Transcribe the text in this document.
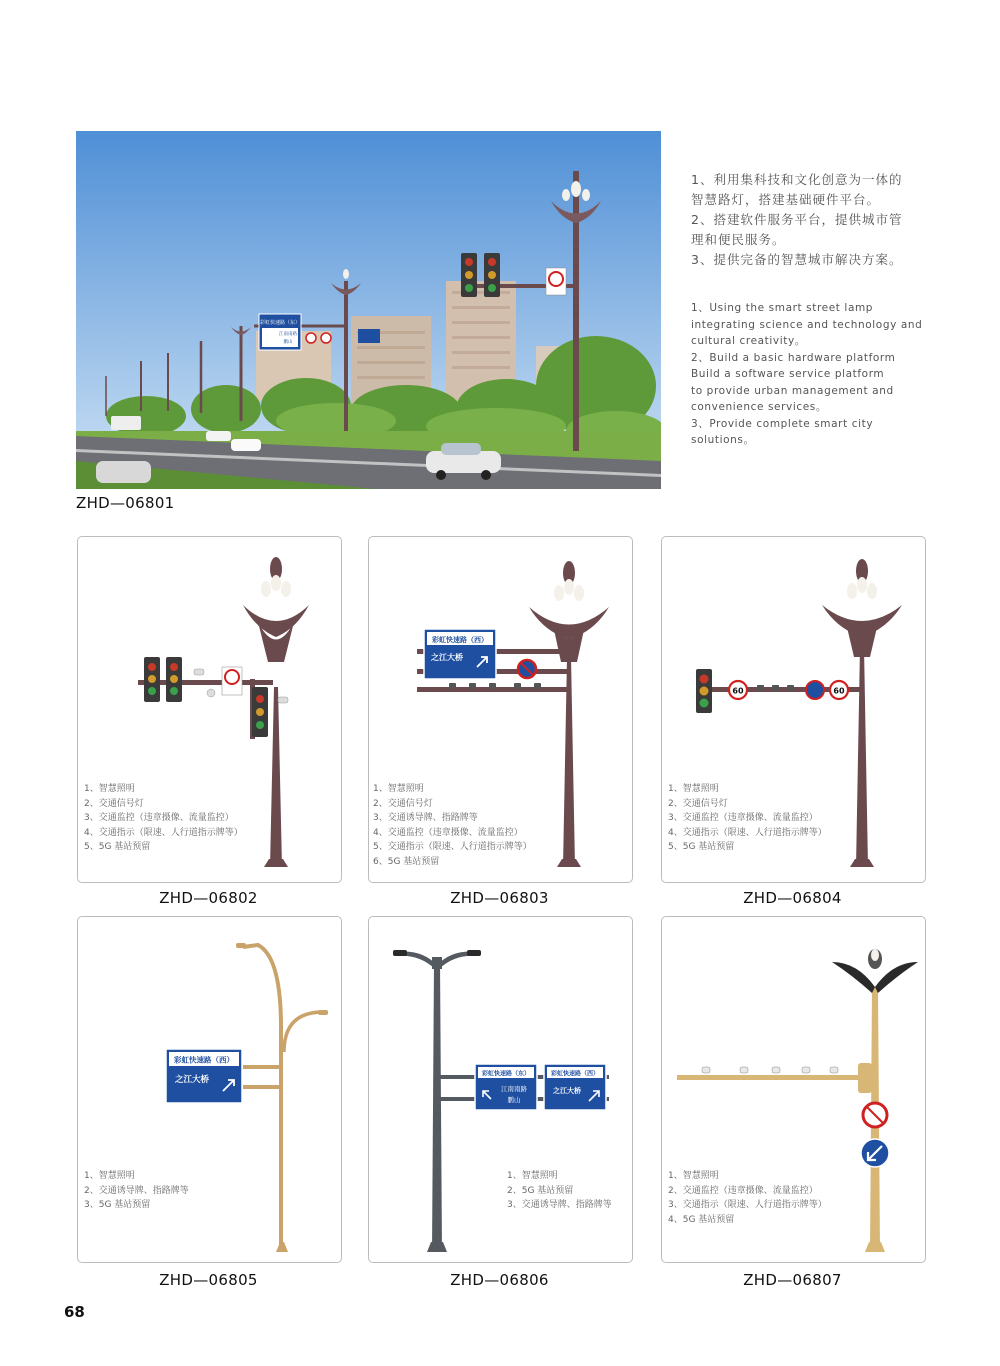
彩虹快速路（东）
江南南路
鹏山
ZHD—06801

1、利用集科技和文化创意为一体的

智慧路灯，搭建基础硬件平台。

2、搭建软件服务平台，提供城市管

理和便民服务。

3、提供完备的智慧城市解决方案。

1、Using the smart street lamp

integrating science and technology and

cultural creativity。

2、Build a basic hardware platform

Build a software service platform

to provide urban management and

convenience services。

3、Provide complete smart city

solutions。

1、智慧照明
2、交通信号灯
3、交通监控（违章摄像、流量监控）
4、交通指示（限速、人行道指示牌等）
5、5G 基站预留
ZHD—06802
彩虹快速路（西）
之江大桥
1、智慧照明
2、交通信号灯
3、交通诱导牌、指路牌等
4、交通监控（违章摄像、流量监控）
5、交通指示（限速、人行道指示牌等）
6、5G 基站预留
ZHD—06803
60	60
1、智慧照明
2、交通信号灯
3、交通监控（违章摄像、流量监控）
4、交通指示（限速、人行道指示牌等）
5、5G 基站预留
ZHD—06804
彩虹快速路（西）
之江大桥
1、智慧照明
2、交通诱导牌、指路牌等
3、5G 基站预留
ZHD—06805
彩虹快速路（东）
江南南路
鹏山
彩虹快速路（西）
之江大桥
1、智慧照明
2、5G 基站预留
3、交通诱导牌、指路牌等
ZHD—06806
1、智慧照明
2、交通监控（违章摄像、流量监控）
3、交通指示（限速、人行道指示牌等）
4、5G 基站预留
ZHD—06807
68
